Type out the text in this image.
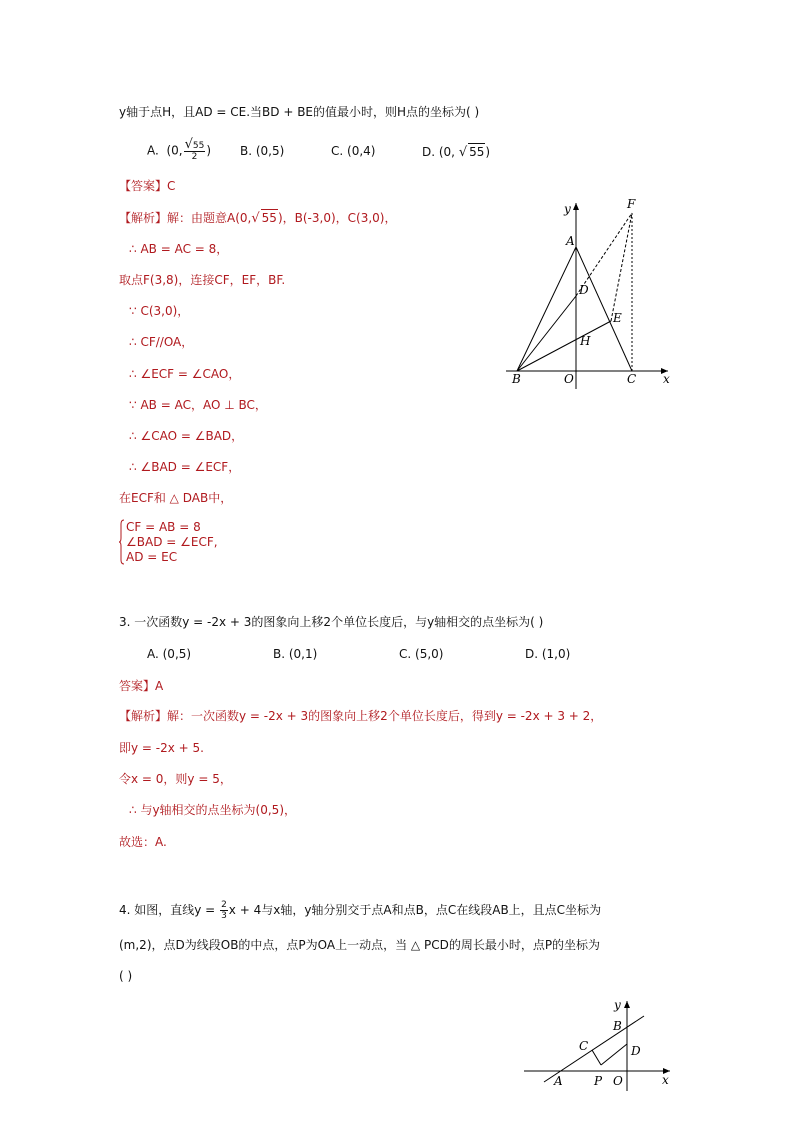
y轴于点H，且AD = CE.当BD + BE的值最小时，则H点的坐标为( )
A. (0, $\frac{√55}{2}$ ) B. (0,5)	C. (0,4)	D. (0, √ 55)
【答案】C
【解析】解：由题意A(0,√ 55)，B(-3,0)，C(3,0)，
∴ AB = AC = 8，
取点F(3,8)，连接CF，EF，BF.
∵ C(3,0)，
∴ CF//OA，
∴ ∠ECF = ∠CAO，
∵ AB = AC，AO ⊥ BC，
∴ ∠CAO = ∠BAD，
∴ ∠BAD = ∠ECF，
在ECF和 △ DAB中，
CF = AB = 8
∠BAD = ∠ECF,
AD = EC
y
x
F
A
D
E
H
B	O	C
3. 一次函数y = -2x + 3的图象向上移2个单位长度后，与y轴相交的点坐标为( )
A. (0,5)	B. (0,1)	C. (5,0)	D. (1,0)
答案】A
【解析】解：一次函数y = -2x + 3的图象向上移2个单位长度后，得到y = -2x + 3 + 2，
即y = -2x + 5.
令x = 0，则y = 5，
∴ 与y轴相交的点坐标为(0,5)，
故选：A.
4. 如图，直线$y = \frac{2}{3}$ x + 4与x轴，y轴分别交于点A和点B，点C在线段AB上，且点C坐标为
(m,2)，点D为线段OB的中点，点P为OA上一动点，当 △ PCD的周长最小时，点P的坐标为
( )
y
x
B
C	D
A	P O
